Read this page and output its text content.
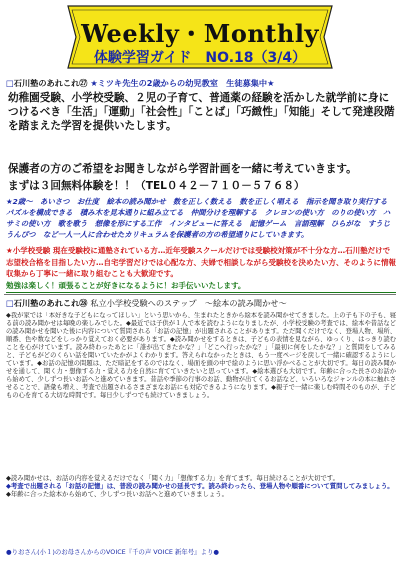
Weekly・Monthly
体験学習ガイド　NO.18（3/4）
□石川塾のあれこれ㉗ ★ミツキ先生の2歳からの幼児教室　生徒募集中★
幼稚園受験、小学校受験、２児の子育て、普通薬の経験を活かした就学前に身につけるべき「生活」「運動」「社会性」「ことば」「巧緻性」「知能」そして発達段階を踏まえた学習を提供いたします。
保護者の方のご希望をお聞きしながら学習計画を一緒に考えていきます。
まずは３回無料体験を！！（TEL０４２－７１０－５７６８）
★2歳～　あいさつ　お仕度　絵本の読み聞かせ　数を正しく数える　数を正しく唱える　指示を聞き取り実行する　パズルを構成できる　積み木を見本通りに組み立てる　仲間分けを理解する　クレヨンの使い方　のりの使い方　ハサミの使い方　歌を歌う　想像を形にする工作　インタビューに答える　記憶ゲーム　言語理解　ひらがな　すうじ　うんぴつ　など一人一人に合わせたカリキュラムを保護者の方の希望通りにしていきます。
★小学校受験 現在受験校に通塾されている方…近年受験スクールだけでは受験校対策が不十分な方…石川塾だけで志望校合格を目指したい方…自宅学習だけでは心配な方、夫婦で相談しながら受験校を決めたい方、そのように情報収集から丁寧に一緒に取り組むことも大歓迎です。
勉強は楽しく！頑張ることが好きになるように！お手伝いいたします。
□石川塾のあれこれ㉘ 私立小学校受験へのステップ　～絵本の読み聞かせ～
◆我が家では「本好きな子どもになってほしい」という思いから、生まれたときから絵本を読み聞かせてきました。上の子も下の子も、寝る前の読み聞かせは毎晩の楽しみでした。◆最近では子供が１人で本を読むようになりましたが、小学校受験の考査では、絵本や昔話などの読み聞かせを聞いた後に内容について質問される「お話の記憶」が出題されることがあります。ただ聞くだけでなく、登場人物、場所、順番、色や数などをしっかり覚えておく必要があります。◆読み聞かせをするときは、子どもの表情を見ながら、ゆっくり、はっきり読むことを心がけています。読み終わったあとに「誰が出てきたかな？」「どこへ行ったかな？」「最初に何をしたかな？」と質問をしてみると、子どもがどのくらい話を聞いていたかがよくわかります。答えられなかったときは、もう一度ページを戻して一緒に確認するようにしています。◆お話の記憶の問題は、ただ暗記をするのではなく、場面を頭の中で絵のように思い浮かべることが大切です。毎日の読み聞かせを通して、聞く力・想像する力・覚える力を自然に育てていきたいと思っています。◆絵本選びも大切です。年齢に合った長さのお話から始めて、少しずつ長いお話へと進めていきます。昔話や季節の行事のお話、動物が出てくるお話など、いろいろなジャンルの本に触れさせることで、語彙も増え、考査で出題されるさまざまなお話にも対応できるようになります。◆親子で一緒に楽しむ時間そのものが、子どもの心を育てる大切な時間です。毎日少しずつでも続けていきましょう。
◆読み聞かせは、お話の内容を覚えるだけでなく「聞く力」「想像する力」を育てます。毎日続けることが大切です。
◆考査で出題される「お話の記憶」は、普段の読み聞かせの延長です。読み終わったら、登場人物や順番について質問してみましょう。
◆年齢に合った絵本から始めて、少しずつ長いお話へと進めていきましょう。
●りおさん(小１)のお母さんからのVOICE『千の声 VOICE 新年号』より●
